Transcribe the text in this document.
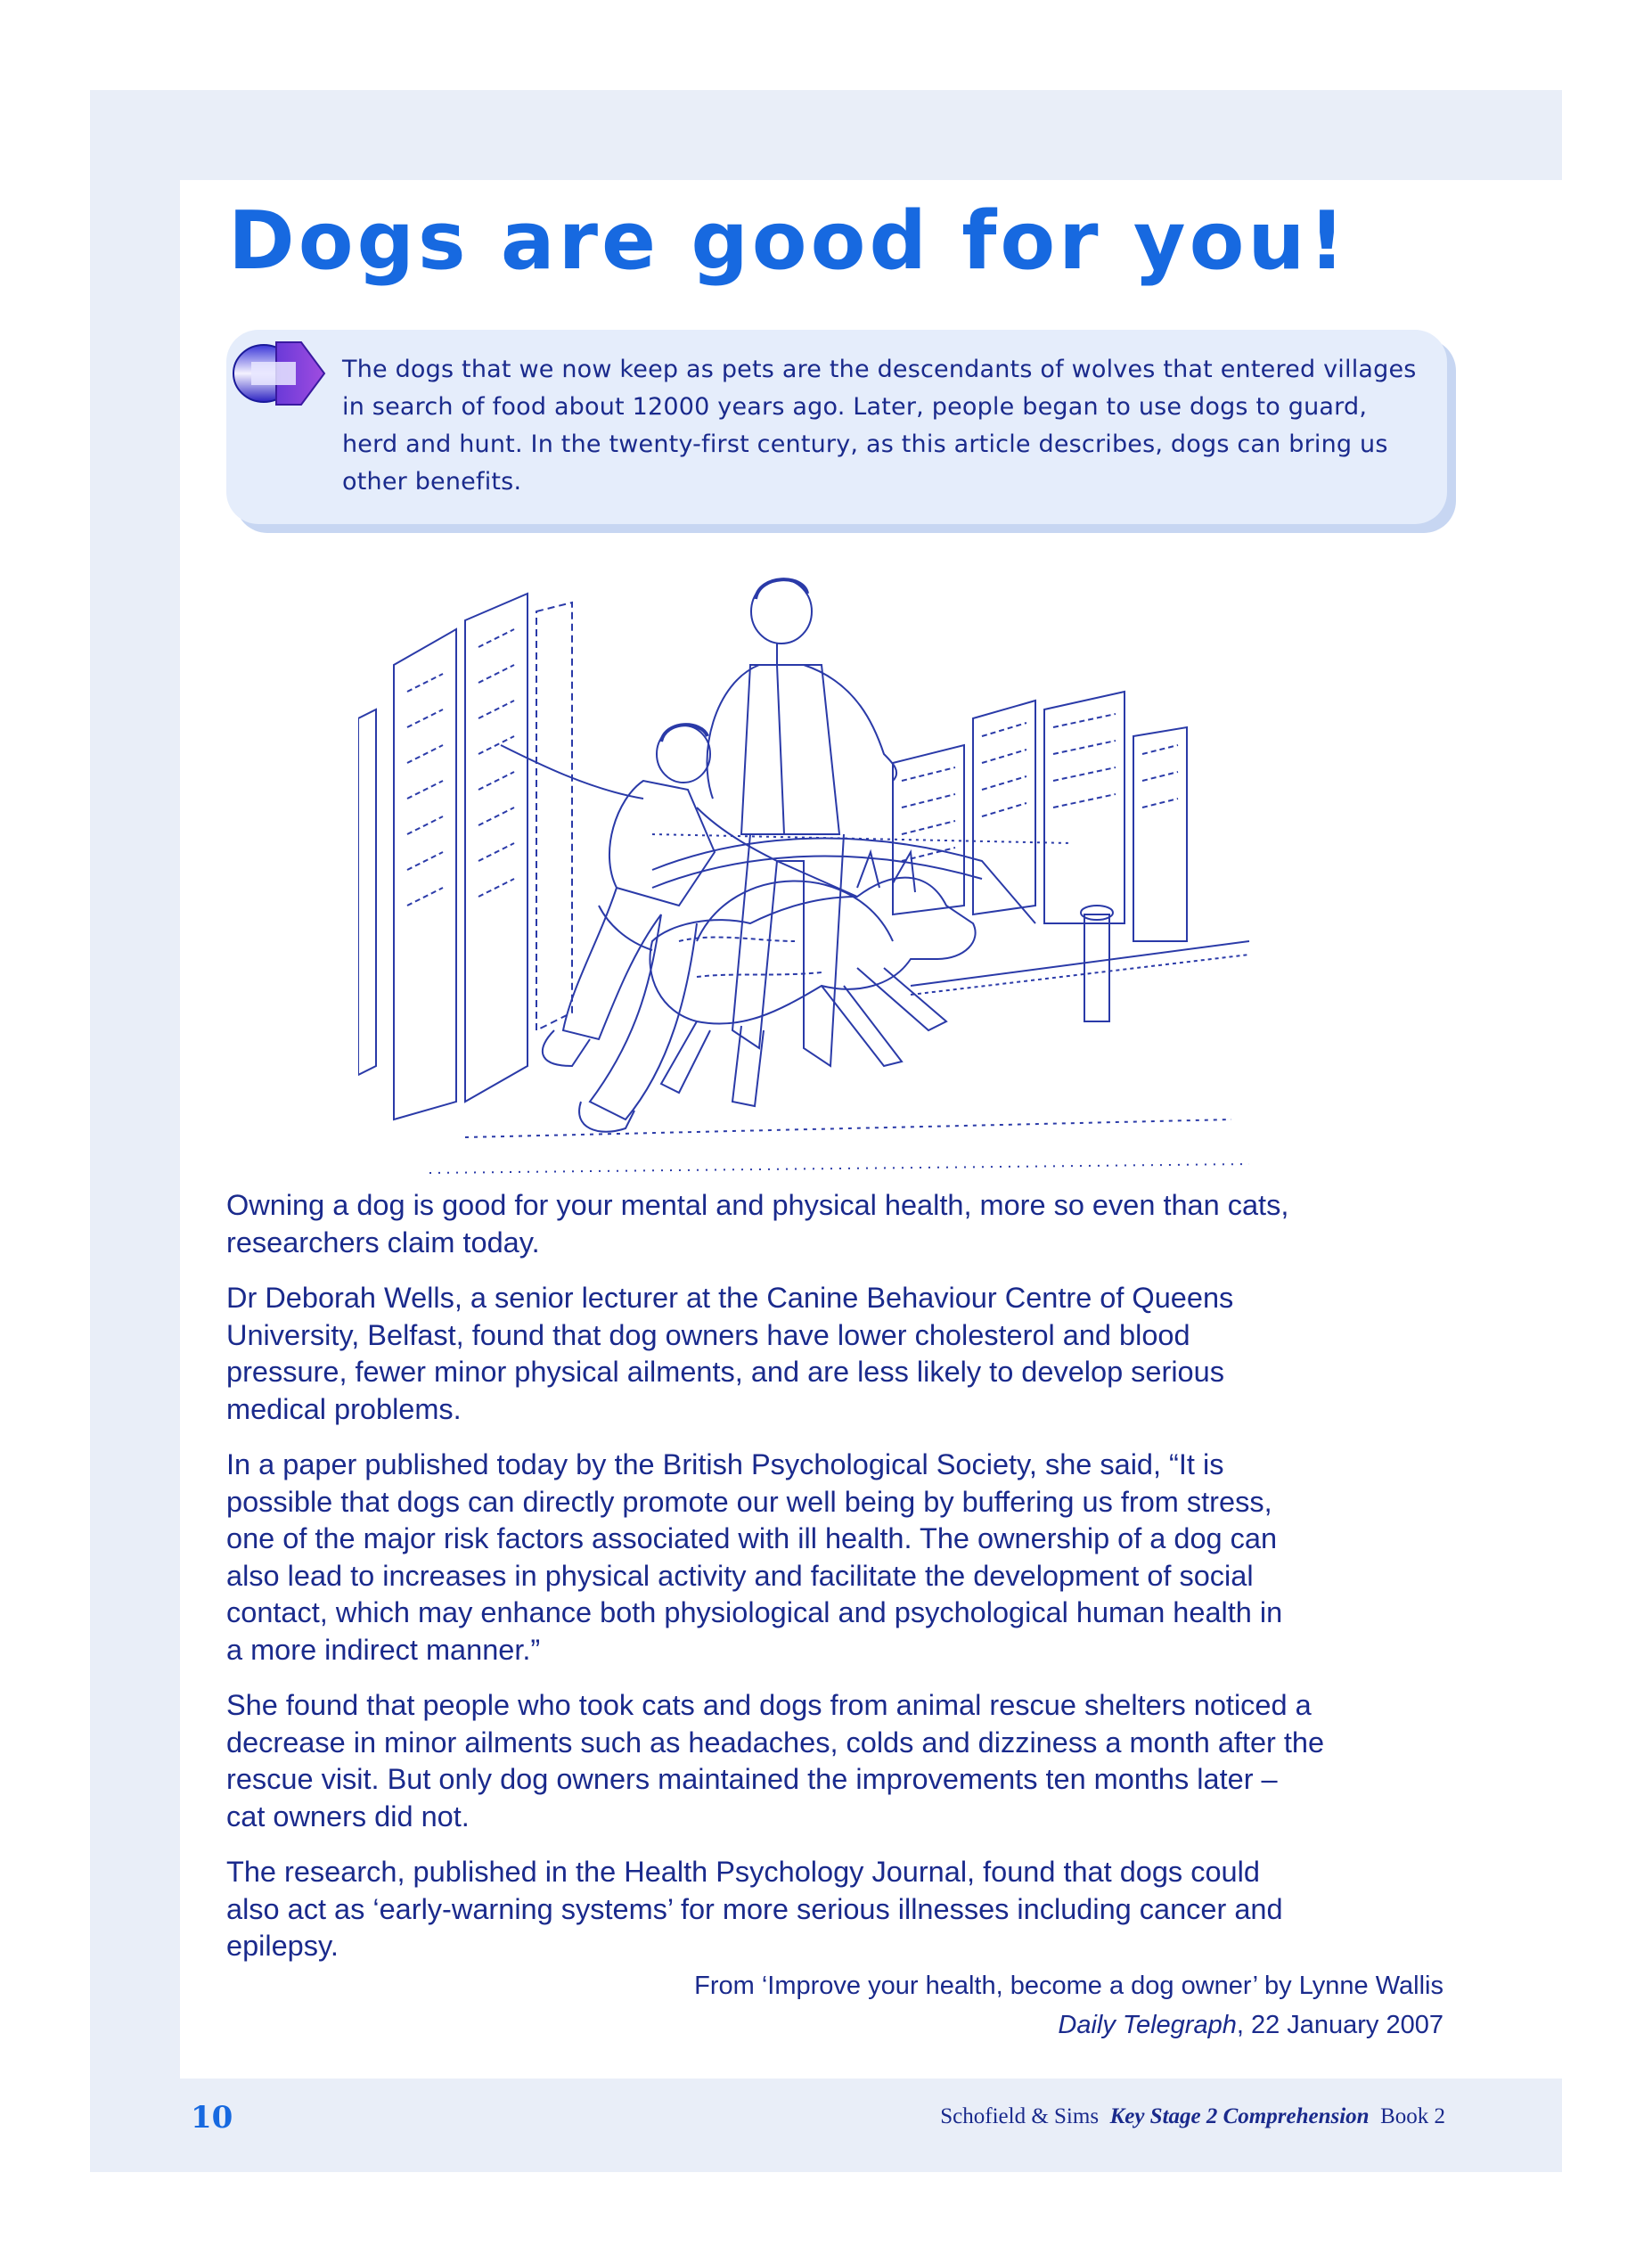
Dogs are good for you!
The dogs that we now keep as pets are the descendants of wolves that entered villages
in search of food about 12000 years ago. Later, people began to use dogs to guard,
herd and hunt. In the twenty-first century, as this article describes, dogs can bring us
other benefits.

Owning a dog is good for your mental and physical health, more so even than cats,
researchers claim today.

Dr Deborah Wells, a senior lecturer at the Canine Behaviour Centre of Queens
University, Belfast, found that dog owners have lower cholesterol and blood
pressure, fewer minor physical ailments, and are less likely to develop serious
medical problems.

In a paper published today by the British Psychological Society, she said, “It is
possible that dogs can directly promote our well being by buffering us from stress,
one of the major risk factors associated with ill health. The ownership of a dog can
also lead to increases in physical activity and facilitate the development of social
contact, which may enhance both physiological and psychological human health in
a more indirect manner.”

She found that people who took cats and dogs from animal rescue shelters noticed a
decrease in minor ailments such as headaches, colds and dizziness a month after the
rescue visit. But only dog owners maintained the improvements ten months later –
cat owners did not.

The research, published in the Health Psychology Journal, found that dogs could
also act as ‘early-warning systems’ for more serious illnesses including cancer and
epilepsy.

From ‘Improve your health, become a dog owner’ by Lynne Wallis
Daily Telegraph, 22 January 2007
10	Schofield & Sims Key Stage 2 Comprehension Book 2
